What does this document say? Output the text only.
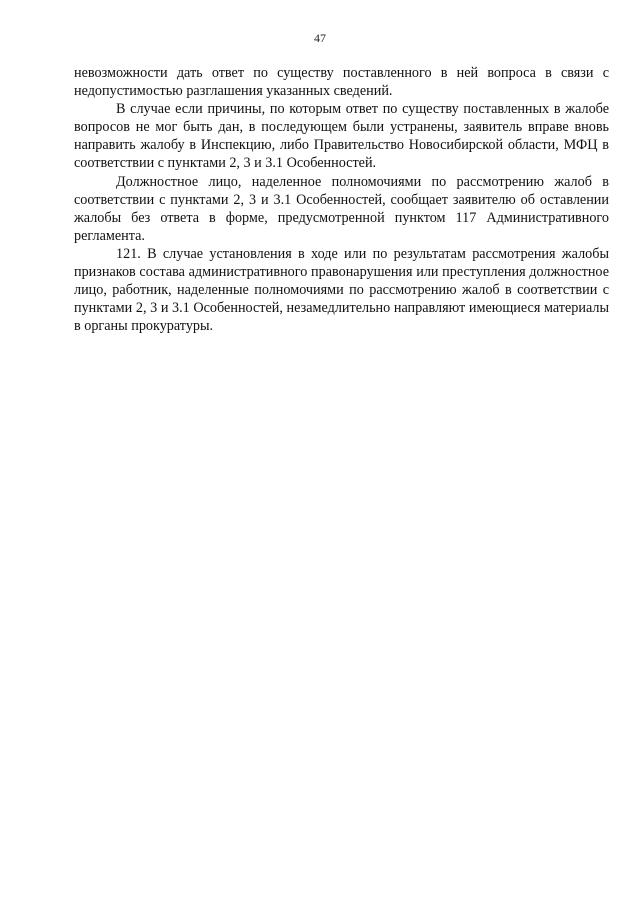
47

невозможности дать ответ по существу поставленного в ней вопроса в связи с недопустимостью разглашения указанных сведений.

В случае если причины, по которым ответ по существу поставленных в жалобе вопросов не мог быть дан, в последующем были устранены, заявитель вправе вновь направить жалобу в Инспекцию, либо Правительство Новосибирской области, МФЦ в соответствии с пунктами 2, 3 и 3.1 Особенностей.

Должностное лицо, наделенное полномочиями по рассмотрению жалоб в соответствии с пунктами 2, 3 и 3.1 Особенностей, сообщает заявителю об оставлении жалобы без ответа в форме, предусмотренной пунктом 117 Административного регламента.

121. В случае установления в ходе или по результатам рассмотрения жалобы признаков состава административного правонарушения или преступления должностное лицо, работник, наделенные полномочиями по рассмотрению жалоб в соответствии с пунктами 2, 3 и 3.1 Особенностей, незамедлительно направляют имеющиеся материалы в органы прокуратуры.
